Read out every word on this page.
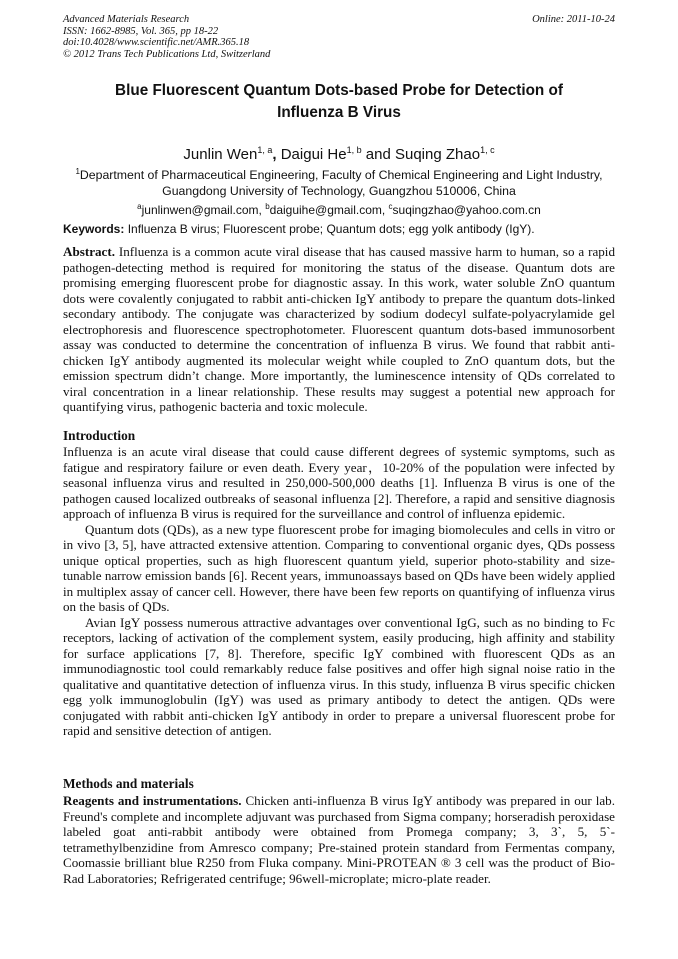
Advanced Materials Research
ISSN: 1662-8985, Vol. 365, pp 18-22
doi:10.4028/www.scientific.net/AMR.365.18
© 2012 Trans Tech Publications Ltd, Switzerland
Online: 2011-10-24
Blue Fluorescent Quantum Dots-based Probe for Detection of
Influenza B Virus
Junlin Wen$^{1, a}$, Daigui He$^{1, b}$ and Suqing Zhao$^{1, c}$
$^1$Department of Pharmaceutical Engineering, Faculty of Chemical Engineering and Light Industry,
Guangdong University of Technology, Guangzhou 510006, China
$^a$junlinwen@gmail.com, $^b$daiguihe@gmail.com, $^c$suqingzhao@yahoo.com.cn
Keywords: Influenza B virus; Fluorescent probe; Quantum dots; egg yolk antibody (IgY).

Abstract. Influenza is a common acute viral disease that has caused massive harm to human, so a rapid pathogen-detecting method is required for monitoring the status of the disease. Quantum dots are promising emerging fluorescent probe for diagnostic assay. In this work, water soluble ZnO quantum dots were covalently conjugated to rabbit anti-chicken IgY antibody to prepare the quantum dots-linked secondary antibody. The conjugate was characterized by sodium dodecyl sulfate-polyacrylamide gel electrophoresis and fluorescence spectrophotometer. Fluorescent quantum dots-based immunosorbent assay was conducted to determine the concentration of influenza B virus. We found that rabbit anti-chicken IgY antibody augmented its molecular weight while coupled to ZnO quantum dots, but the emission spectrum didn’t change. More importantly, the luminescence intensity of QDs correlated to viral concentration in a linear relationship. These results may suggest a potential new approach for quantifying virus, pathogenic bacteria and toxic molecule.

Introduction

Influenza is an acute viral disease that could cause different degrees of systemic symptoms, such as fatigue and respiratory failure or even death. Every year，10-20% of the population were infected by seasonal influenza virus and resulted in 250,000-500,000 deaths [1]. Influenza B virus is one of the pathogen caused localized outbreaks of seasonal influenza [2]. Therefore, a rapid and sensitive diagnosis approach of influenza B virus is required for the surveillance and control of influenza epidemic.

Quantum dots (QDs), as a new type fluorescent probe for imaging biomolecules and cells in vitro or in vivo [3, 5], have attracted extensive attention. Comparing to conventional organic dyes, QDs possess unique optical properties, such as high fluorescent quantum yield, superior photo-stability and size-tunable narrow emission bands [6]. Recent years, immunoassays based on QDs have been widely applied in multiplex assay of cancer cell. However, there have been few reports on quantifying of influenza virus on the basis of QDs.

Avian IgY possess numerous attractive advantages over conventional IgG, such as no binding to Fc receptors, lacking of activation of the complement system, easily producing, high affinity and stability for surface applications [7, 8]. Therefore, specific IgY combined with fluorescent QDs as an immunodiagnostic tool could remarkably reduce false positives and offer high signal noise ratio in the qualitative and quantitative detection of influenza virus. In this study, influenza B virus specific chicken egg yolk immunoglobulin (IgY) was used as primary antibody to detect the antigen. QDs were conjugated with rabbit anti-chicken IgY antibody in order to prepare a universal fluorescent probe for rapid and sensitive detection of antigen.

Methods and materials

Reagents and instrumentations. Chicken anti-influenza B virus IgY antibody was prepared in our lab. Freund's complete and incomplete adjuvant was purchased from Sigma company; horseradish peroxidase labeled goat anti-rabbit antibody were obtained from Promega company; 3, 3`, 5, 5`-tetramethylbenzidine from Amresco company; Pre-stained protein standard from Fermentas company, Coomassie brilliant blue R250 from Fluka company. Mini-PROTEAN ® 3 cell was the product of Bio-Rad Laboratories; Refrigerated centrifuge; 96well-microplate; micro-plate reader.
